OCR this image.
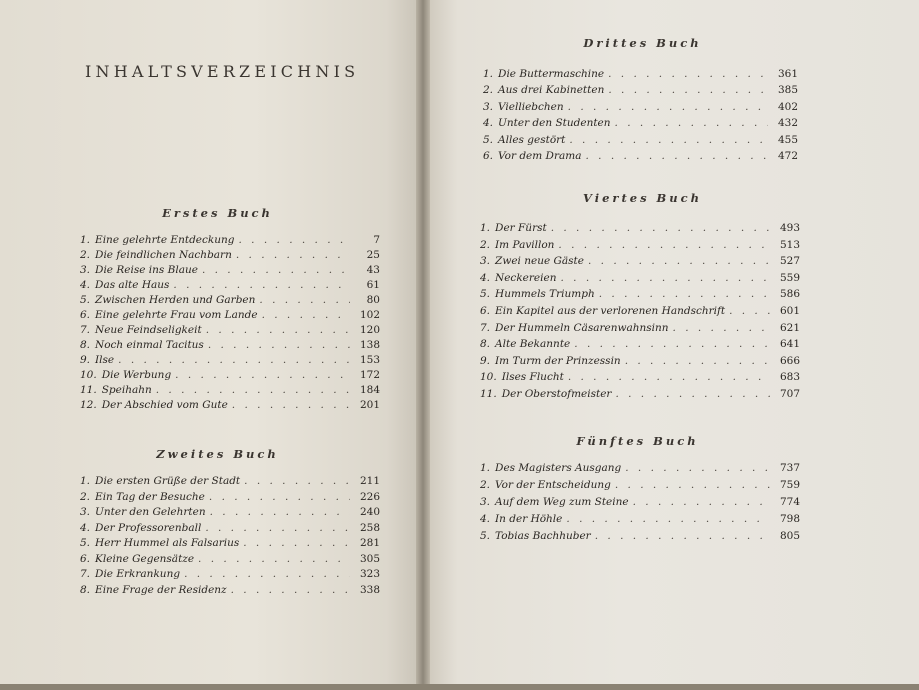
INHALTSVERZEICHNIS
Erstes Buch
1. Eine gelehrte Entdeckung . . .	7
2. Die feindlichen Nachbarn . . .	25
3. Die Reise ins Blaue . . .	43
4. Das alte Haus . . .	61
5. Zwischen Herden und Garben . . .	80
6. Eine gelehrte Frau vom Lande . . .	102
7. Neue Feindseligkeit . . .	120
8. Noch einmal Tacitus . . .	138
9. Ilse . . .	153
10. Die Werbung . . .	172
11. Speihahn . . .	184
12. Der Abschied vom Gute . . .	201
Zweites Buch
1. Die ersten Grüße der Stadt . . .	211
2. Ein Tag der Besuche . . .	226
3. Unter den Gelehrten . . .	240
4. Der Professorenball . . .	258
5. Herr Hummel als Falsarius . . .	281
6. Kleine Gegensätze . . .	305
7. Die Erkrankung . . .	323
8. Eine Frage der Residenz . . .	338
Drittes Buch
1. Die Buttermaschine . . .	361
2. Aus drei Kabinetten . . .	385
3. Vielliebchen . . .	402
4. Unter den Studenten . . .	432
5. Alles gestört . . .	455
6. Vor dem Drama . . .	472
Viertes Buch
1. Der Fürst . . .	493
2. Im Pavillon . . .	513
3. Zwei neue Gäste . . .	527
4. Neckereien . . .	559
5. Hummels Triumph . . .	586
6. Ein Kapitel aus der verlorenen Handschrift . . .	601
7. Der Hummeln Cäsarenwahnsinn . . .	621
8. Alte Bekannte . . .	641
9. Im Turm der Prinzessin . . .	666
10. Ilses Flucht . . .	683
11. Der Oberstofmeister . . .	707
Fünftes Buch
1. Des Magisters Ausgang . . .	737
2. Vor der Entscheidung . . .	759
3. Auf dem Weg zum Steine . . .	774
4. In der Höhle . . .	798
5. Tobias Bachhuber . . .	805
